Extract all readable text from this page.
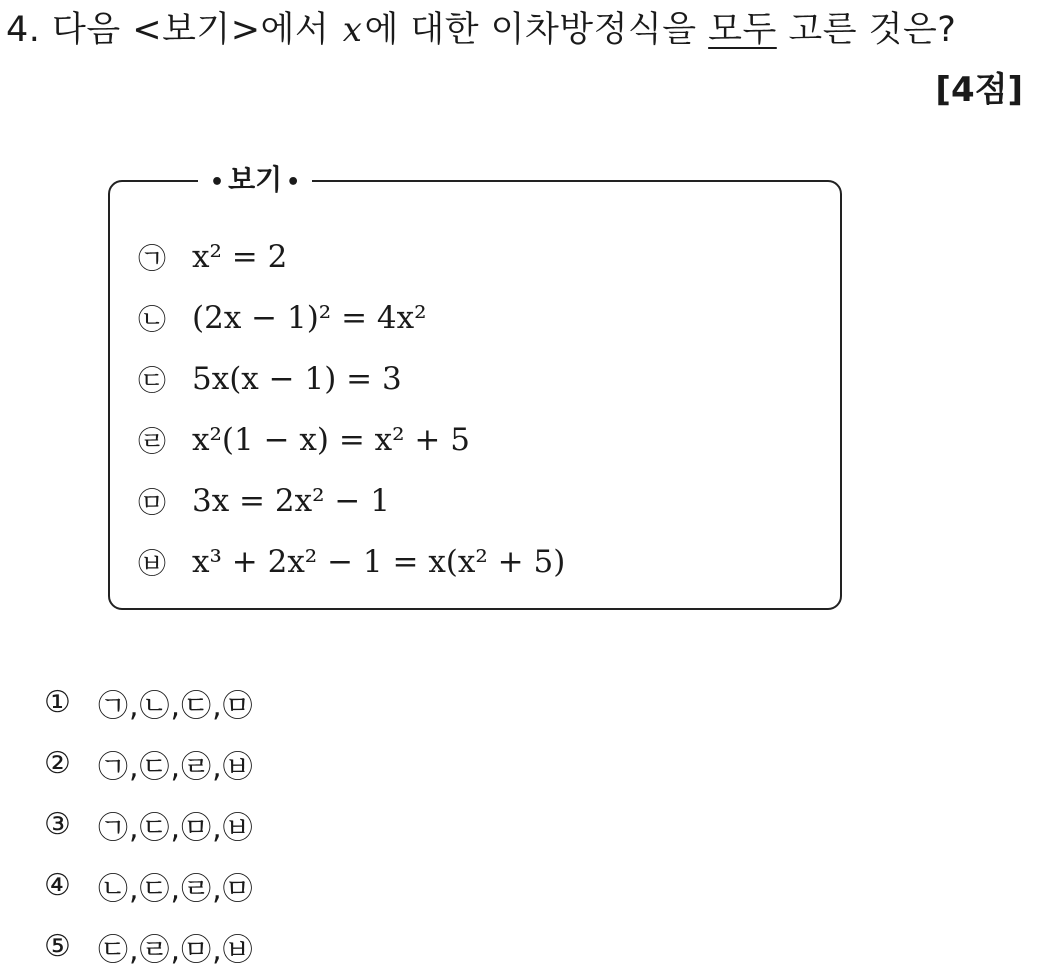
4. 다음 <보기>에서 x에 대한 이차방정식을 모두 고른 것은?
[4점]
• 보기 •
㉠ x² = 2
㉡ (2x − 1)² = 4x²
㉢ 5x(x − 1) = 3
㉣ x²(1 − x) = x² + 5
㉤ 3x = 2x² − 1
㉥ x³ + 2x² − 1 = x(x² + 5)
① ㉠,㉡,㉢,㉤
② ㉠,㉢,㉣,㉥
③ ㉠,㉢,㉤,㉥
④ ㉡,㉢,㉣,㉤
⑤ ㉢,㉣,㉤,㉥
